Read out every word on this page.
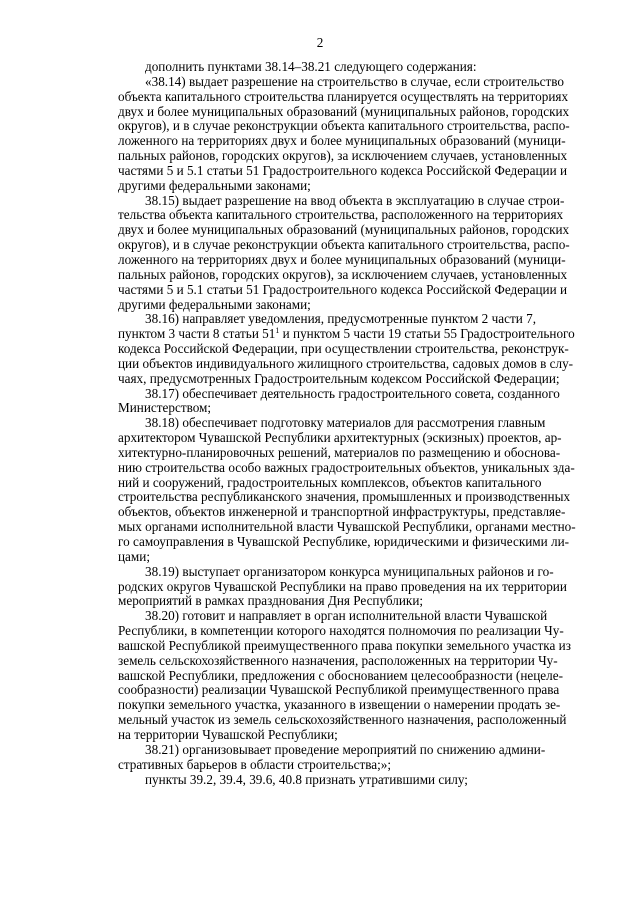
2

дополнить пунктами 38.14–38.21 следующего содержания:

«38.14) выдает разрешение на строительство в случае, если строительство
объекта капитального строительства планируется осуществлять на территориях
двух и более муниципальных образований (муниципальных районов, городских
округов), и в случае реконструкции объекта капитального строительства, распо-
ложенного на территориях двух и более муниципальных образований (муници-
пальных районов, городских округов), за исключением случаев, установленных
частями 5 и 5.1 статьи 51 Градостроительного кодекса Российской Федерации и
другими федеральными законами;

38.15) выдает разрешение на ввод объекта в эксплуатацию в случае строи-
тельства объекта капитального строительства, расположенного на территориях
двух и более муниципальных образований (муниципальных районов, городских
округов), и в случае реконструкции объекта капитального строительства, распо-
ложенного на территориях двух и более муниципальных образований (муници-
пальных районов, городских округов), за исключением случаев, установленных
частями 5 и 5.1 статьи 51 Градостроительного кодекса Российской Федерации и
другими федеральными законами;

38.16) направляет уведомления, предусмотренные пунктом 2 части 7,
пунктом 3 части 8 статьи $51^1$ и пунктом 5 части 19 статьи 55 Градостроительного
кодекса Российской Федерации, при осуществлении строительства, реконструк-
ции объектов индивидуального жилищного строительства, садовых домов в слу-
чаях, предусмотренных Градостроительным кодексом Российской Федерации;

38.17) обеспечивает деятельность градостроительного совета, созданного
Министерством;

38.18) обеспечивает подготовку материалов для рассмотрения главным
архитектором Чувашской Республики архитектурных (эскизных) проектов, ар-
хитектурно-планировочных решений, материалов по размещению и обоснова-
нию строительства особо важных градостроительных объектов, уникальных зда-
ний и сооружений, градостроительных комплексов, объектов капитального
строительства республиканского значения, промышленных и производственных
объектов, объектов инженерной и транспортной инфраструктуры, представляе-
мых органами исполнительной власти Чувашской Республики, органами местно-
го самоуправления в Чувашской Республике, юридическими и физическими ли-
цами;

38.19) выступает организатором конкурса муниципальных районов и го-
родских округов Чувашской Республики на право проведения на их территории
мероприятий в рамках празднования Дня Республики;

38.20) готовит и направляет в орган исполнительной власти Чувашской
Республики, в компетенции которого находятся полномочия по реализации Чу-
вашской Республикой преимущественного права покупки земельного участка из
земель сельскохозяйственного назначения, расположенных на территории Чу-
вашской Республики, предложения с обоснованием целесообразности (нецеле-
сообразности) реализации Чувашской Республикой преимущественного права
покупки земельного участка, указанного в извещении о намерении продать зе-
мельный участок из земель сельскохозяйственного назначения, расположенный
на территории Чувашской Республики;

38.21) организовывает проведение мероприятий по снижению админи-
стративных барьеров в области строительства;»;

пункты 39.2, 39.4, 39.6, 40.8 признать утратившими силу;
